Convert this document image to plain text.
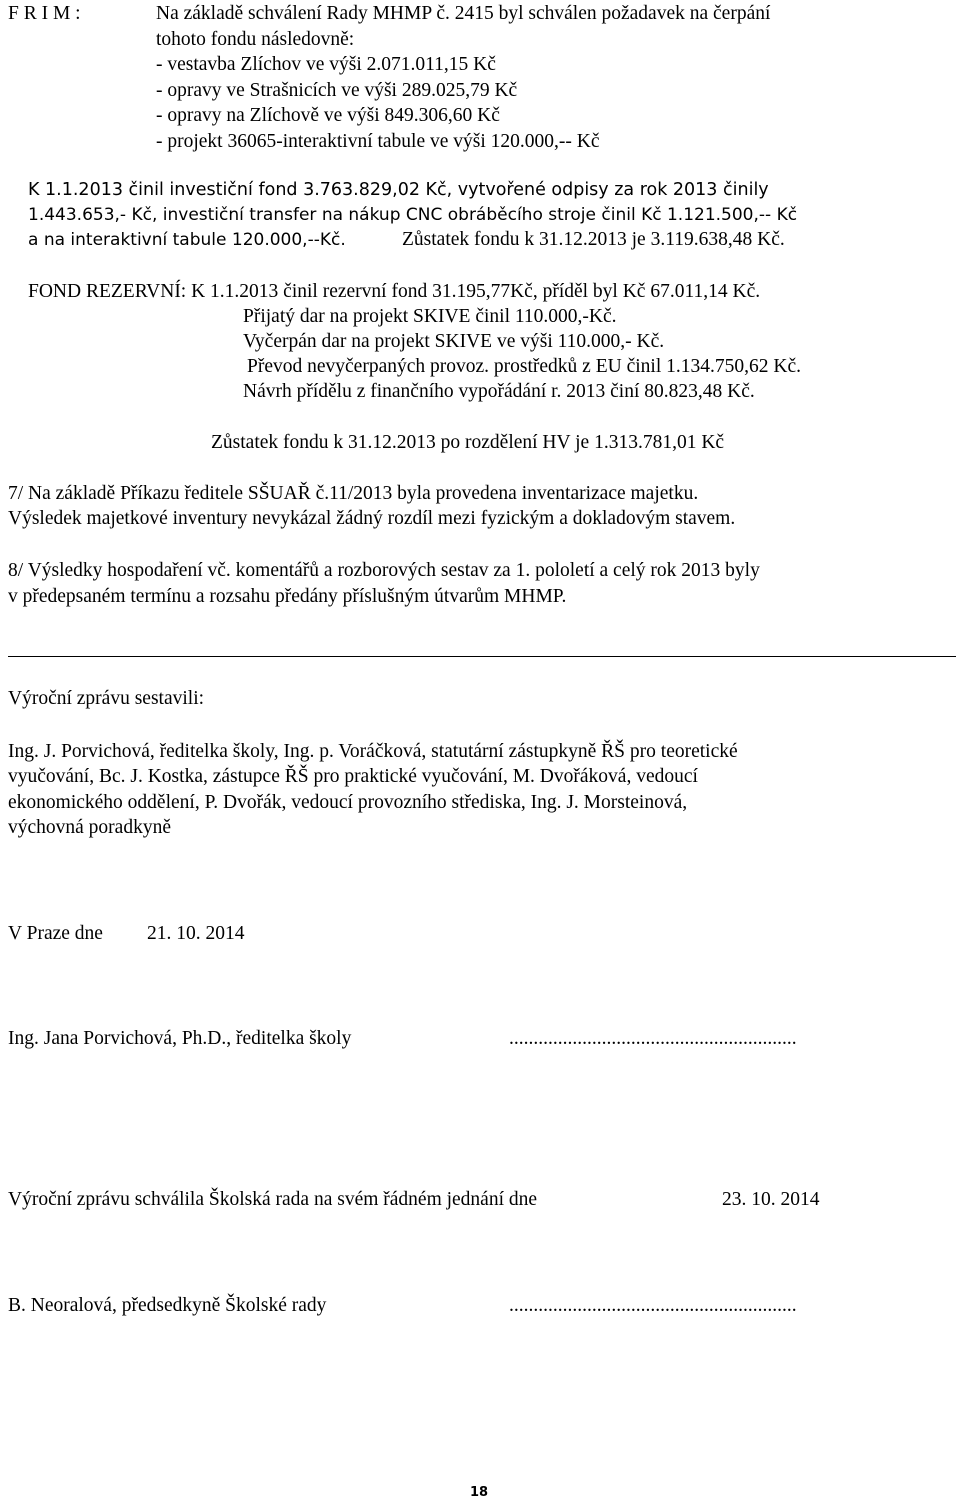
F R I M :	Na základě schválení Rady MHMP č. 2415 byl schválen požadavek na čerpání
tohoto fondu následovně:
- vestavba Zlíchov ve výši 2.071.011,15 Kč
- opravy ve Strašnicích ve výši 289.025,79 Kč
- opravy na Zlíchově ve výši 849.306,60 Kč
- projekt 36065-interaktivní tabule ve výši 120.000,-- Kč
K 1.1.2013 činil investiční fond 3.763.829,02 Kč, vytvořené odpisy za rok 2013 činily
1.443.653,- Kč, investiční transfer na nákup CNC obráběcího stroje činil Kč 1.121.500,-- Kč
a na interaktivní tabule 120.000,--Kč.	Zůstatek fondu k 31.12.2013 je 3.119.638,48 Kč.
FOND REZERVNÍ: K 1.1.2013 činil rezervní fond 31.195,77Kč, příděl byl Kč 67.011,14 Kč.
Přijatý dar na projekt SKIVE činil 110.000,-Kč.
Vyčerpán dar na projekt SKIVE ve výši 110.000,- Kč.
Převod nevyčerpaných provoz. prostředků z EU činil 1.134.750,62 Kč.
Návrh přídělu z finančního vypořádání r. 2013 činí 80.823,48 Kč.
Zůstatek fondu k 31.12.2013 po rozdělení HV je 1.313.781,01 Kč
7/ Na základě Příkazu ředitele SŠUAŘ č.11/2013 byla provedena inventarizace majetku.
Výsledek majetkové inventury nevykázal žádný rozdíl mezi fyzickým a dokladovým stavem.
8/ Výsledky hospodaření vč. komentářů a rozborových sestav za 1. pololetí a celý rok 2013 byly
v předepsaném termínu a rozsahu předány příslušným útvarům MHMP.
Výroční zprávu sestavili:
Ing. J. Porvichová, ředitelka školy, Ing. p. Voráčková, statutární zástupkyně ŘŠ pro teoretické
vyučování, Bc. J. Kostka, zástupce ŘŠ pro praktické vyučování, M. Dvořáková, vedoucí
ekonomického oddělení, P. Dvořák, vedoucí provozního střediska, Ing. J. Morsteinová,
výchovná poradkyně
V Praze dne 21. 10. 2014
Ing. Jana Porvichová, Ph.D., ředitelka školy	...........................................................
Výroční zprávu schválila Školská rada na svém řádném jednání dne	23. 10. 2014
B. Neoralová, předsedkyně Školské rady	...........................................................
18
